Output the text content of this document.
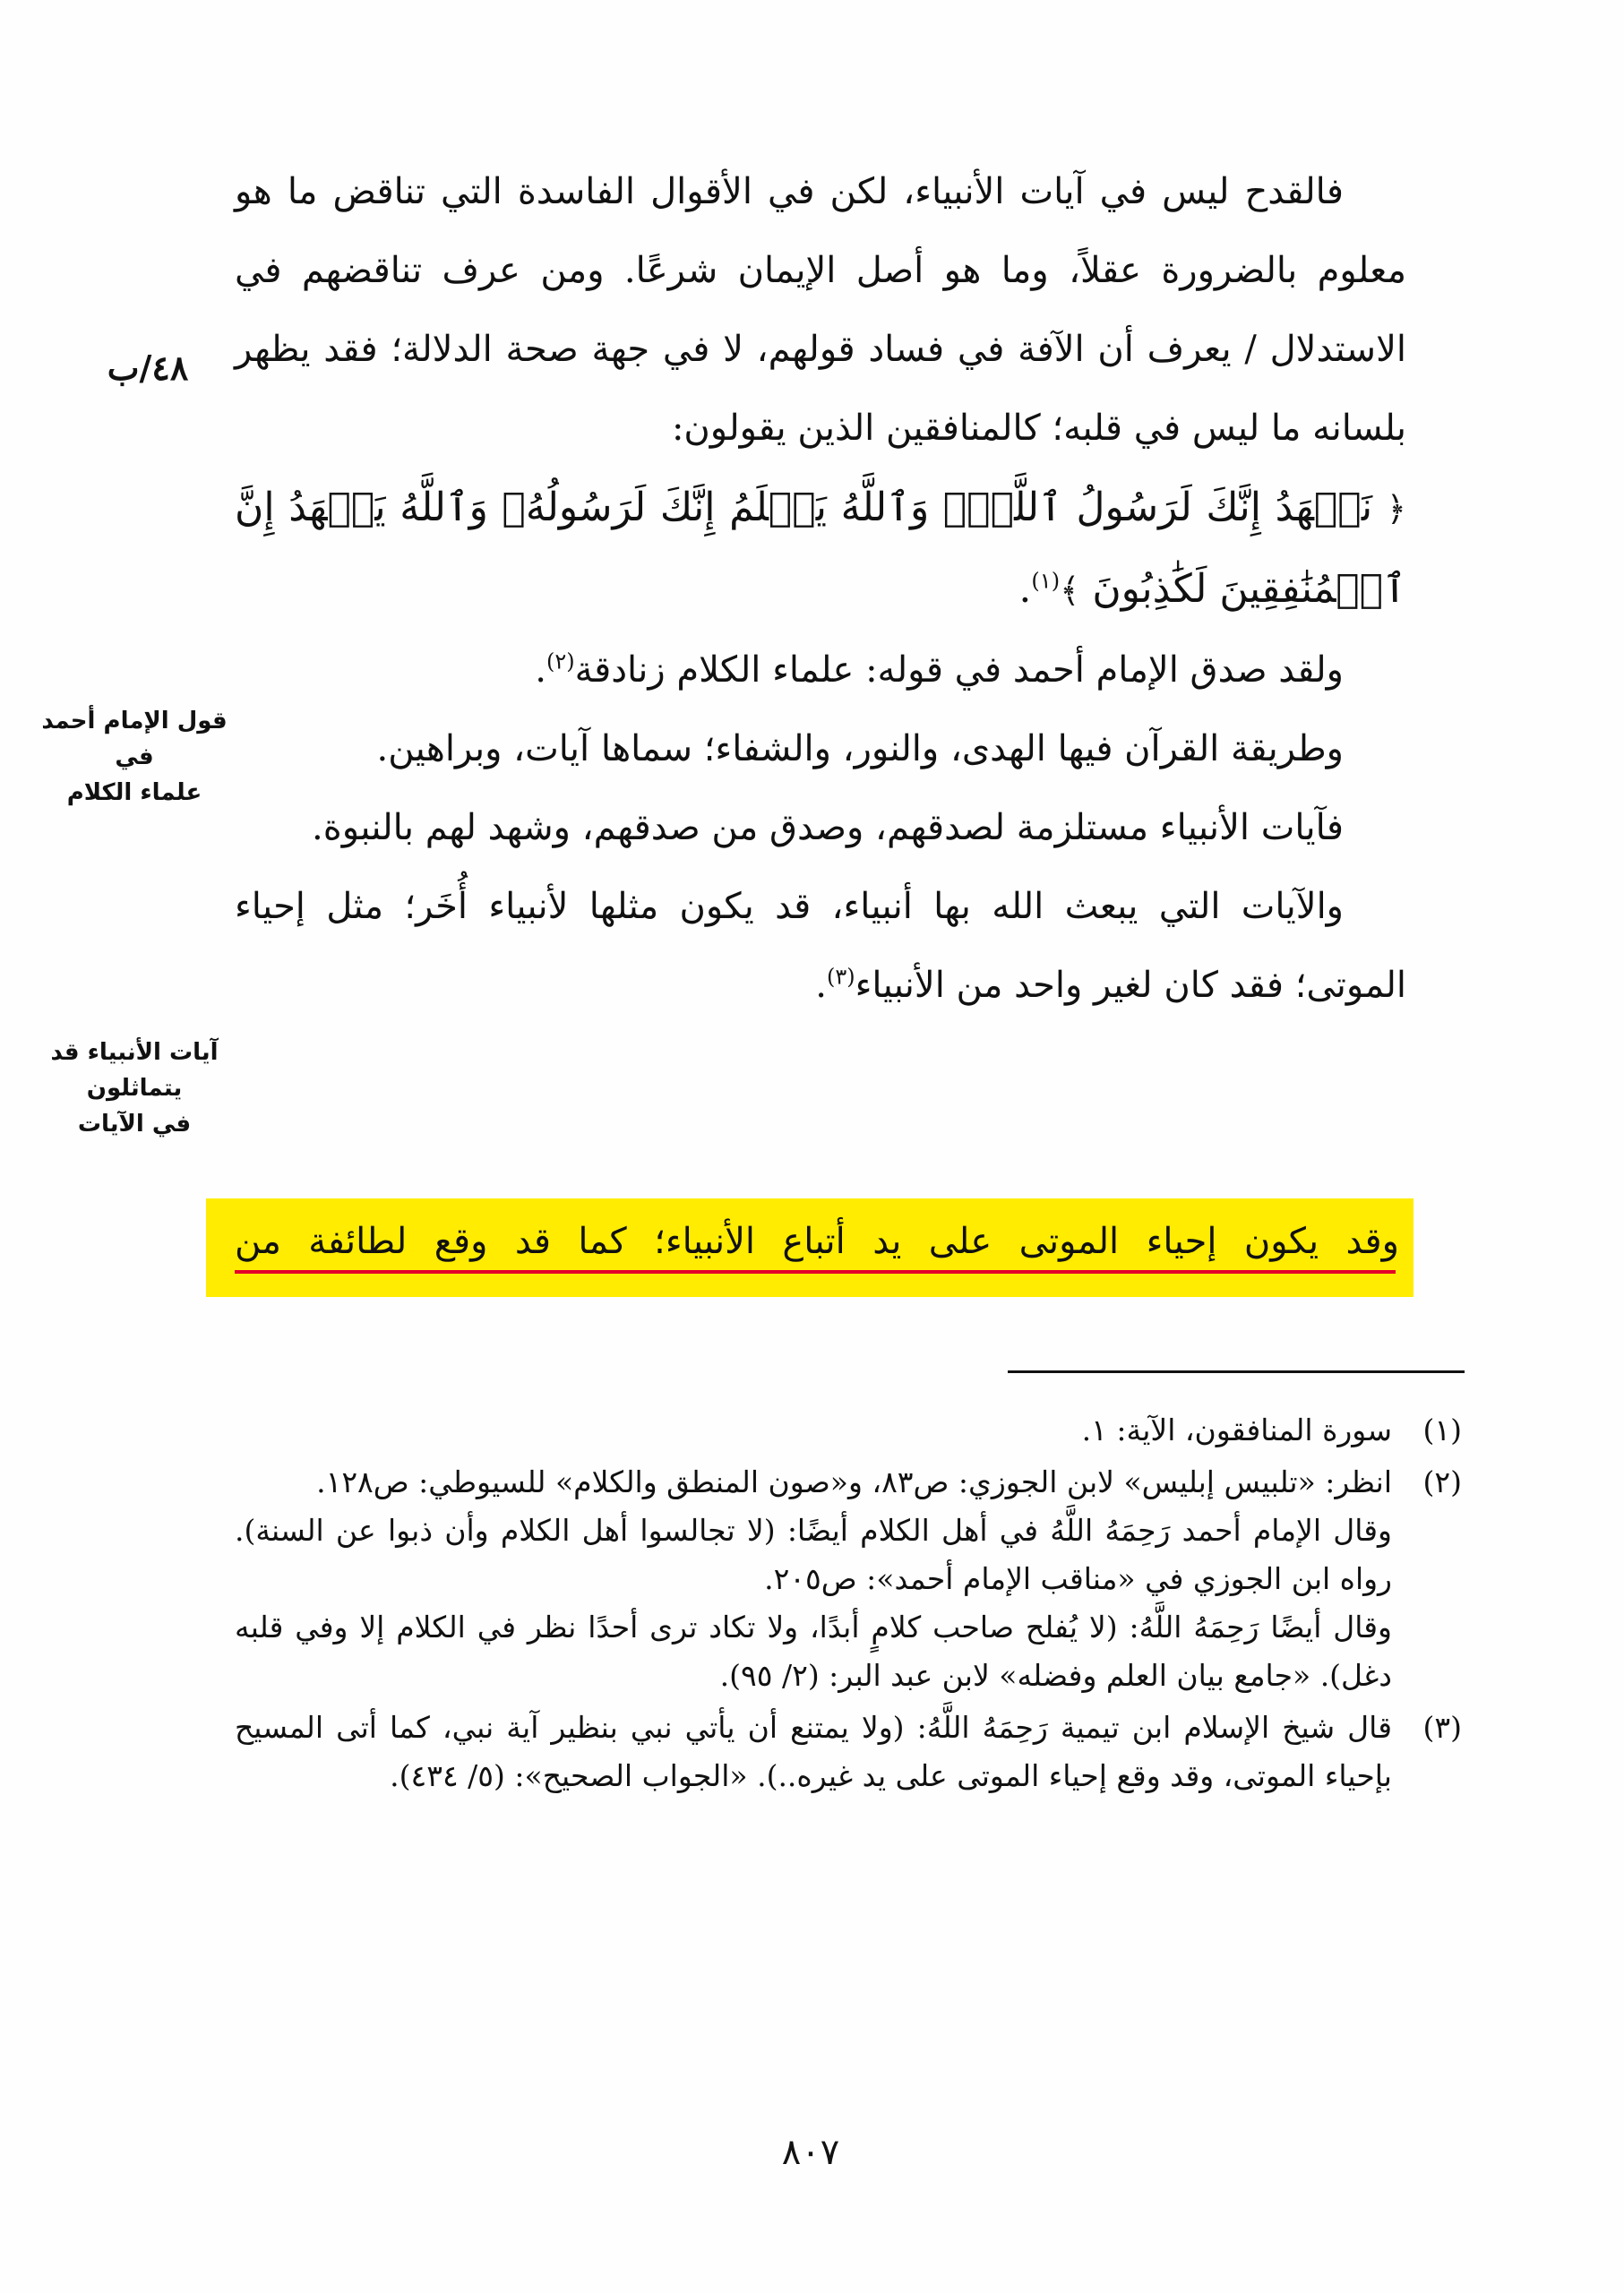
فالقدح ليس في آيات الأنبياء، لكن في الأقوال الفاسدة التي تناقض ما هو معلوم بالضرورة عقلاً، وما هو أصل الإيمان شرعًا. ومن عرف تناقضهم في الاستدلال / يعرف أن الآفة في فساد قولهم، لا في جهة صحة الدلالة؛ فقد يظهر بلسانه ما ليس في قلبه؛ كالمنافقين الذين يقولون:

﴿ نَشۡهَدُ إِنَّكَ لَرَسُولُ ٱللَّهِۗ وَٱللَّهُ يَعۡلَمُ إِنَّكَ لَرَسُولُهُۥ وَٱللَّهُ يَشۡهَدُ إِنَّ ٱلۡمُنَٰفِقِينَ لَكَٰذِبُونَ ﴾$^{(١)}$.

ولقد صدق الإمام أحمد في قوله: علماء الكلام زنادقة$^{(٢)}$.

وطريقة القرآن فيها الهدى، والنور، والشفاء؛ سماها آيات، وبراهين.

فآيات الأنبياء مستلزمة لصدقهم، وصدق من صدقهم، وشهد لهم بالنبوة.

والآيات التي يبعث الله بها أنبياء، قد يكون مثلها لأنبياء أُخَر؛ مثل إحياء الموتى؛ فقد كان لغير واحد من الأنبياء$^{(٣)}$.

وقد يكون إحياء الموتى على يد أتباع الأنبياء؛ كما قد وقع لطائفة من
٤٨/ب
قول الإمام أحمد في
علماء الكلام
آيات الأنبياء قد يتماثلون
في الآيات
(١)

سورة المنافقون، الآية: ١.

(٢)

انظر: «تلبيس إبليس» لابن الجوزي: ص٨٣، و«صون المنطق والكلام» للسيوطي: ص١٢٨.

وقال الإمام أحمد رَحِمَهُ اللَّهُ في أهل الكلام أيضًا: (لا تجالسوا أهل الكلام وأن ذبوا عن السنة). رواه ابن الجوزي في «مناقب الإمام أحمد»: ص٢٠٥.

وقال أيضًا رَحِمَهُ اللَّهُ: (لا يُفلح صاحب كلامٍ أبدًا، ولا تكاد ترى أحدًا نظر في الكلام إلا وفي قلبه دغل). «جامع بيان العلم وفضله» لابن عبد البر: (٢/ ٩٥).

(٣)

قال شيخ الإسلام ابن تيمية رَحِمَهُ اللَّهُ: (ولا يمتنع أن يأتي نبي بنظير آية نبي، كما أتى المسيح بإحياء الموتى، وقد وقع إحياء الموتى على يد غيره..). «الجواب الصحيح»: (٥/ ٤٣٤).

٨٠٧
